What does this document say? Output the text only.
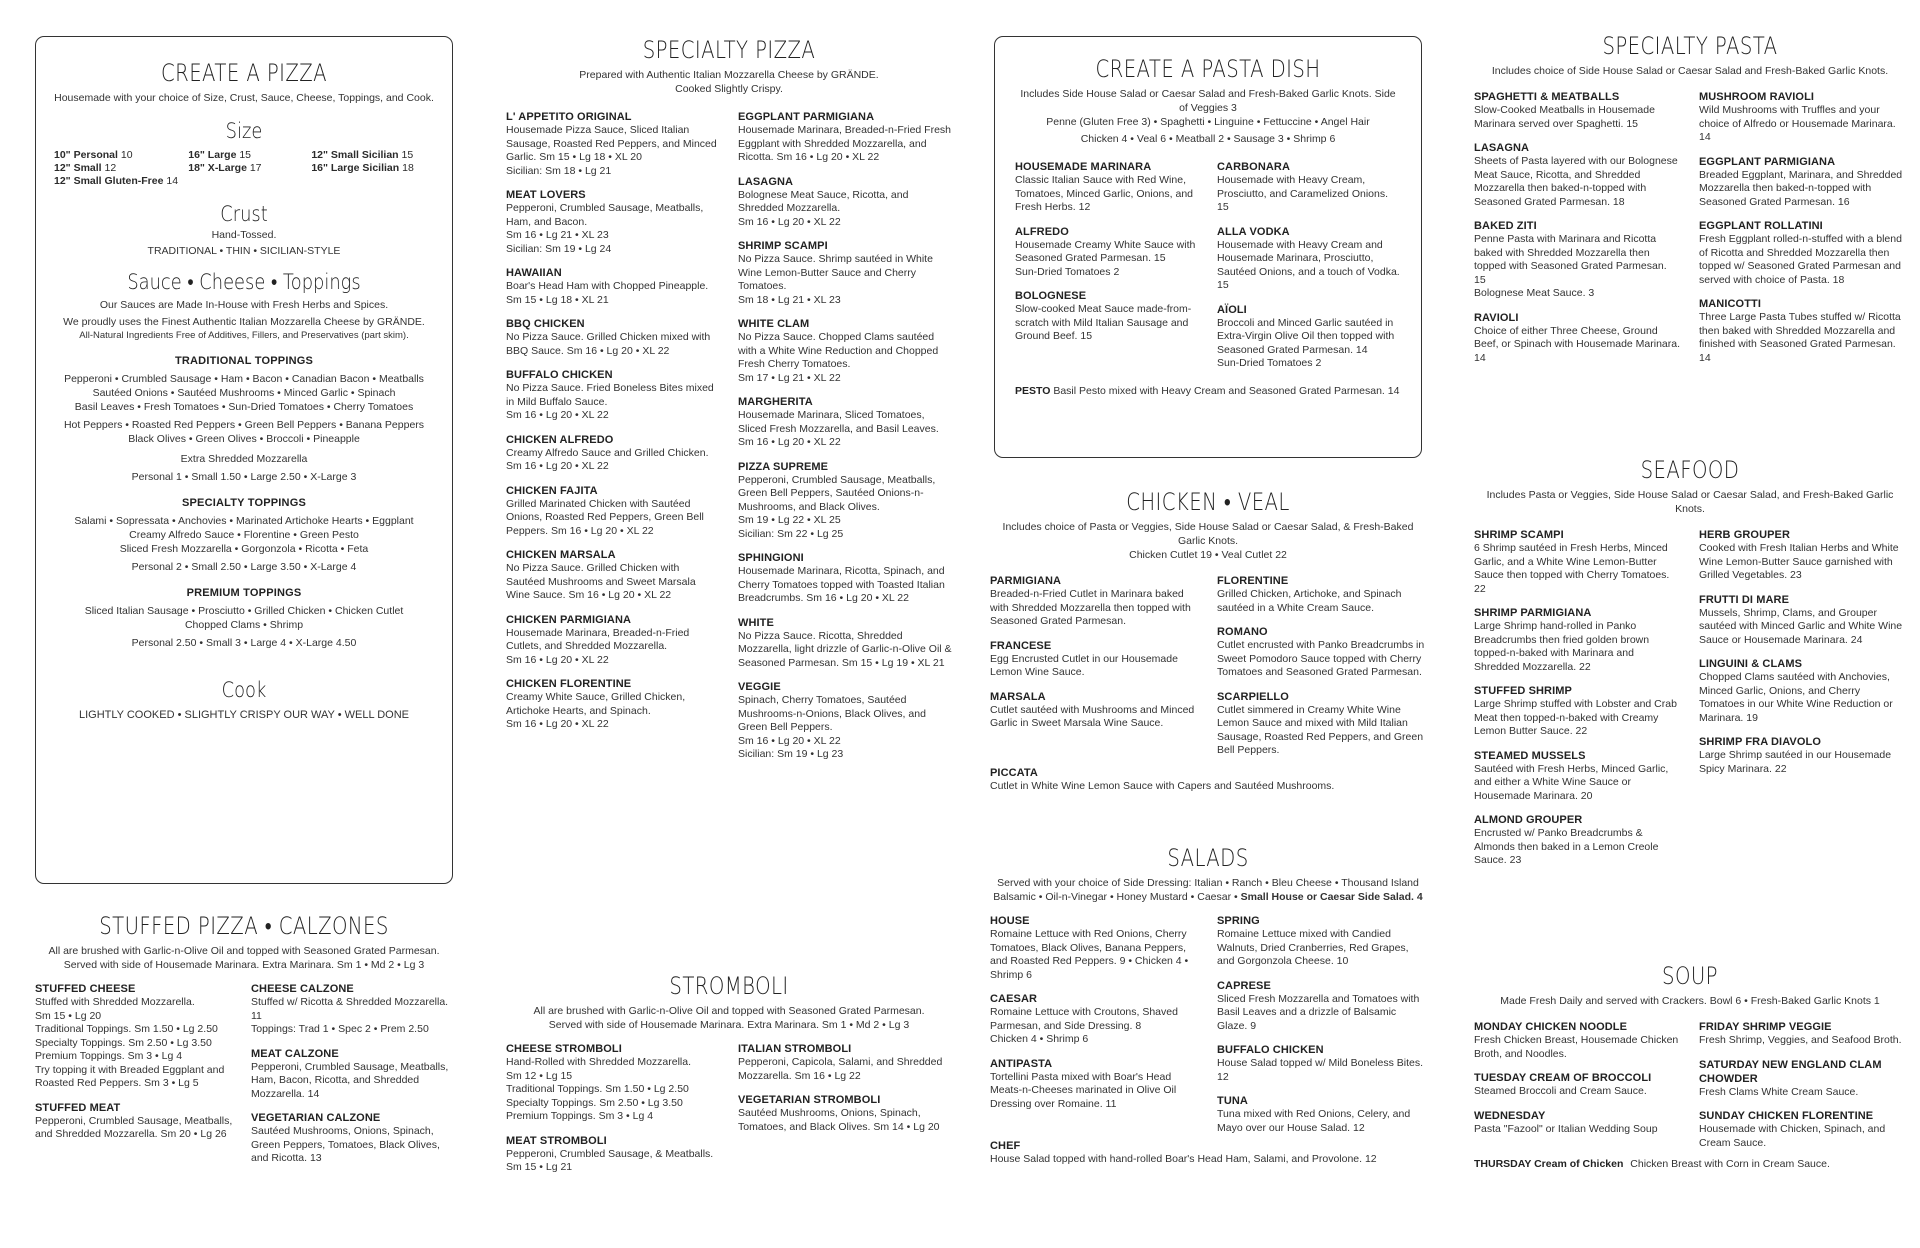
CREATE A PIZZA
Housemade with your choice of Size, Crust, Sauce, Cheese, Toppings, and Cook.
Size
10" Personal 10	16" Large 15	12" Small Sicilian 15
12" Small 12	18" X-Large 17	16" Large Sicilian 18
12" Small Gluten-Free 14
Crust
Hand-Tossed.
TRADITIONAL • THIN • SICILIAN-STYLE
Sauce • Cheese • Toppings
Our Sauces are Made In-House with Fresh Herbs and Spices.
We proudly uses the Finest Authentic Italian Mozzarella Cheese by GRÄNDE.
All-Natural Ingredients Free of Additives, Fillers, and Preservatives (part skim).
TRADITIONAL TOPPINGS
Pepperoni • Crumbled Sausage • Ham • Bacon • Canadian Bacon • Meatballs
Sautéed Onions • Sautéed Mushrooms • Minced Garlic • Spinach
Basil Leaves • Fresh Tomatoes • Sun-Dried Tomatoes • Cherry Tomatoes
Hot Peppers • Roasted Red Peppers • Green Bell Peppers • Banana Peppers
Black Olives • Green Olives • Broccoli • Pineapple
Extra Shredded Mozzarella
Personal 1 • Small 1.50 • Large 2.50 • X-Large 3
SPECIALTY TOPPINGS
Salami • Sopressata • Anchovies • Marinated Artichoke Hearts • Eggplant
Creamy Alfredo Sauce • Florentine • Green Pesto
Sliced Fresh Mozzarella • Gorgonzola • Ricotta • Feta
Personal 2 • Small 2.50 • Large 3.50 • X-Large 4
PREMIUM TOPPINGS
Sliced Italian Sausage • Prosciutto • Grilled Chicken • Chicken Cutlet
Chopped Clams • Shrimp
Personal 2.50 • Small 3 • Large 4 • X-Large 4.50
Cook
LIGHTLY COOKED • SLIGHTLY CRISPY OUR WAY • WELL DONE
STUFFED PIZZA • CALZONES
All are brushed with Garlic-n-Olive Oil and topped with Seasoned Grated Parmesan.
Served with side of Housemade Marinara. Extra Marinara. Sm 1 • Md 2 • Lg 3
STUFFED CHEESE
Stuffed with Shredded Mozzarella.
Sm 15 • Lg 20
Traditional Toppings. Sm 1.50 • Lg 2.50
Specialty Toppings. Sm 2.50 • Lg 3.50
Premium Toppings. Sm 3 • Lg 4
Try topping it with Breaded Eggplant and Roasted Red Peppers. Sm 3 • Lg 5
STUFFED MEAT
Pepperoni, Crumbled Sausage, Meatballs, and Shredded Mozzarella. Sm 20 • Lg 26
CHEESE CALZONE
Stuffed w/ Ricotta & Shredded Mozzarella. 11
Toppings: Trad 1 • Spec 2 • Prem 2.50
MEAT CALZONE
Pepperoni, Crumbled Sausage, Meatballs, Ham, Bacon, Ricotta, and Shredded Mozzarella. 14
VEGETARIAN CALZONE
Sautéed Mushrooms, Onions, Spinach, Green Peppers, Tomatoes, Black Olives, and Ricotta. 13
SPECIALTY PIZZA
Prepared with Authentic Italian Mozzarella Cheese by GRÄNDE.
Cooked Slightly Crispy.
L' APPETITO ORIGINAL
Housemade Pizza Sauce, Sliced Italian Sausage, Roasted Red Peppers, and Minced Garlic. Sm 15 • Lg 18 • XL 20
Sicilian: Sm 18 • Lg 21
MEAT LOVERS
Pepperoni, Crumbled Sausage, Meatballs, Ham, and Bacon.
Sm 16 • Lg 21 • XL 23
Sicilian: Sm 19 • Lg 24
HAWAIIAN
Boar's Head Ham with Chopped Pineapple.
Sm 15 • Lg 18 • XL 21
BBQ CHICKEN
No Pizza Sauce. Grilled Chicken mixed with BBQ Sauce. Sm 16 • Lg 20 • XL 22
BUFFALO CHICKEN
No Pizza Sauce. Fried Boneless Bites mixed in Mild Buffalo Sauce.
Sm 16 • Lg 20 • XL 22
CHICKEN ALFREDO
Creamy Alfredo Sauce and Grilled Chicken.
Sm 16 • Lg 20 • XL 22
CHICKEN FAJITA
Grilled Marinated Chicken with Sautéed Onions, Roasted Red Peppers, Green Bell Peppers. Sm 16 • Lg 20 • XL 22
CHICKEN MARSALA
No Pizza Sauce. Grilled Chicken with Sautéed Mushrooms and Sweet Marsala Wine Sauce. Sm 16 • Lg 20 • XL 22
CHICKEN PARMIGIANA
Housemade Marinara, Breaded-n-Fried Cutlets, and Shredded Mozzarella.
Sm 16 • Lg 20 • XL 22
CHICKEN FLORENTINE
Creamy White Sauce, Grilled Chicken, Artichoke Hearts, and Spinach.
Sm 16 • Lg 20 • XL 22
EGGPLANT PARMIGIANA
Housemade Marinara, Breaded-n-Fried Fresh Eggplant with Shredded Mozzarella, and Ricotta. Sm 16 • Lg 20 • XL 22
LASAGNA
Bolognese Meat Sauce, Ricotta, and Shredded Mozzarella.
Sm 16 • Lg 20 • XL 22
SHRIMP SCAMPI
No Pizza Sauce. Shrimp sautéed in White Wine Lemon-Butter Sauce and Cherry Tomatoes.
Sm 18 • Lg 21 • XL 23
WHITE CLAM
No Pizza Sauce. Chopped Clams sautéed with a White Wine Reduction and Chopped Fresh Cherry Tomatoes.
Sm 17 • Lg 21 • XL 22
MARGHERITA
Housemade Marinara, Sliced Tomatoes, Sliced Fresh Mozzarella, and Basil Leaves.
Sm 16 • Lg 20 • XL 22
PIZZA SUPREME
Pepperoni, Crumbled Sausage, Meatballs, Green Bell Peppers, Sautéed Onions-n-Mushrooms, and Black Olives.
Sm 19 • Lg 22 • XL 25
Sicilian: Sm 22 • Lg 25
SPHINGIONI
Housemade Marinara, Ricotta, Spinach, and Cherry Tomatoes topped with Toasted Italian Breadcrumbs. Sm 16 • Lg 20 • XL 22
WHITE
No Pizza Sauce. Ricotta, Shredded Mozzarella, light drizzle of Garlic-n-Olive Oil & Seasoned Parmesan. Sm 15 • Lg 19 • XL 21
VEGGIE
Spinach, Cherry Tomatoes, Sautéed Mushrooms-n-Onions, Black Olives, and Green Bell Peppers.
Sm 16 • Lg 20 • XL 22
Sicilian: Sm 19 • Lg 23
STROMBOLI
All are brushed with Garlic-n-Olive Oil and topped with Seasoned Grated Parmesan.
Served with side of Housemade Marinara. Extra Marinara. Sm 1 • Md 2 • Lg 3
CHEESE STROMBOLI
Hand-Rolled with Shredded Mozzarella.
Sm 12 • Lg 15
Traditional Toppings. Sm 1.50 • Lg 2.50
Specialty Toppings. Sm 2.50 • Lg 3.50
Premium Toppings. Sm 3 • Lg 4
MEAT STROMBOLI
Pepperoni, Crumbled Sausage, & Meatballs. Sm 15 • Lg 21
ITALIAN STROMBOLI
Pepperoni, Capicola, Salami, and Shredded Mozzarella. Sm 16 • Lg 22
VEGETARIAN STROMBOLI
Sautéed Mushrooms, Onions, Spinach, Tomatoes, and Black Olives. Sm 14 • Lg 20
CREATE A PASTA DISH
Includes Side House Salad or Caesar Salad and Fresh-Baked Garlic Knots. Side of Veggies 3
Penne (Gluten Free 3) • Spaghetti • Linguine • Fettuccine • Angel Hair
Chicken 4 • Veal 6 • Meatball 2 • Sausage 3 • Shrimp 6
HOUSEMADE MARINARA
Classic Italian Sauce with Red Wine, Tomatoes, Minced Garlic, Onions, and Fresh Herbs. 12
ALFREDO
Housemade Creamy White Sauce with Seasoned Grated Parmesan. 15
Sun-Dried Tomatoes 2
BOLOGNESE
Slow-cooked Meat Sauce made-from-scratch with Mild Italian Sausage and Ground Beef. 15
CARBONARA
Housemade with Heavy Cream, Prosciutto, and Caramelized Onions. 15
ALLA VODKA
Housemade with Heavy Cream and Housemade Marinara, Prosciutto, Sautéed Onions, and a touch of Vodka. 15
AÏOLI
Broccoli and Minced Garlic sautéed in Extra-Virgin Olive Oil then topped with Seasoned Grated Parmesan. 14
Sun-Dried Tomatoes 2
PESTO Basil Pesto mixed with Heavy Cream and Seasoned Grated Parmesan. 14
CHICKEN • VEAL
Includes choice of Pasta or Veggies, Side House Salad or Caesar Salad, & Fresh-Baked Garlic Knots.
Chicken Cutlet 19 • Veal Cutlet 22
PARMIGIANA
Breaded-n-Fried Cutlet in Marinara baked with Shredded Mozzarella then topped with Seasoned Grated Parmesan.
FRANCESE
Egg Encrusted Cutlet in our Housemade Lemon Wine Sauce.
MARSALA
Cutlet sautéed with Mushrooms and Minced Garlic in Sweet Marsala Wine Sauce.
FLORENTINE
Grilled Chicken, Artichoke, and Spinach sautéed in a White Cream Sauce.
ROMANO
Cutlet encrusted with Panko Breadcrumbs in Sweet Pomodoro Sauce topped with Cherry Tomatoes and Seasoned Grated Parmesan.
SCARPIELLO
Cutlet simmered in Creamy White Wine Lemon Sauce and mixed with Mild Italian Sausage, Roasted Red Peppers, and Green Bell Peppers.
PICCATA
Cutlet in White Wine Lemon Sauce with Capers and Sautéed Mushrooms.
SALADS
Served with your choice of Side Dressing: Italian • Ranch • Bleu Cheese • Thousand Island
Balsamic • Oil-n-Vinegar • Honey Mustard • Caesar • Small House or Caesar Side Salad. 4
HOUSE
Romaine Lettuce with Red Onions, Cherry Tomatoes, Black Olives, Banana Peppers, and Roasted Red Peppers. 9 • Chicken 4 • Shrimp 6
CAESAR
Romaine Lettuce with Croutons, Shaved Parmesan, and Side Dressing. 8
Chicken 4 • Shrimp 6
ANTIPASTA
Tortellini Pasta mixed with Boar's Head Meats-n-Cheeses marinated in Olive Oil Dressing over Romaine. 11
SPRING
Romaine Lettuce mixed with Candied Walnuts, Dried Cranberries, Red Grapes, and Gorgonzola Cheese. 10
CAPRESE
Sliced Fresh Mozzarella and Tomatoes with Basil Leaves and a drizzle of Balsamic Glaze. 9
BUFFALO CHICKEN
House Salad topped w/ Mild Boneless Bites. 12
TUNA
Tuna mixed with Red Onions, Celery, and Mayo over our House Salad. 12
CHEF
House Salad topped with hand-rolled Boar's Head Ham, Salami, and Provolone. 12
SPECIALTY PASTA
Includes choice of Side House Salad or Caesar Salad and Fresh-Baked Garlic Knots.
SPAGHETTI & MEATBALLS
Slow-Cooked Meatballs in Housemade Marinara served over Spaghetti. 15
LASAGNA
Sheets of Pasta layered with our Bolognese Meat Sauce, Ricotta, and Shredded Mozzarella then baked-n-topped with Seasoned Grated Parmesan. 18
BAKED ZITI
Penne Pasta with Marinara and Ricotta baked with Shredded Mozzarella then topped with Seasoned Grated Parmesan. 15
Bolognese Meat Sauce. 3
RAVIOLI
Choice of either Three Cheese, Ground Beef, or Spinach with Housemade Marinara. 14
MUSHROOM RAVIOLI
Wild Mushrooms with Truffles and your choice of Alfredo or Housemade Marinara. 14
EGGPLANT PARMIGIANA
Breaded Eggplant, Marinara, and Shredded Mozzarella then baked-n-topped with Seasoned Grated Parmesan. 16
EGGPLANT ROLLATINI
Fresh Eggplant rolled-n-stuffed with a blend of Ricotta and Shredded Mozzarella then topped w/ Seasoned Grated Parmesan and served with choice of Pasta. 18
MANICOTTI
Three Large Pasta Tubes stuffed w/ Ricotta then baked with Shredded Mozzarella and finished with Seasoned Grated Parmesan. 14
SEAFOOD
Includes Pasta or Veggies, Side House Salad or Caesar Salad, and Fresh-Baked Garlic Knots.
SHRIMP SCAMPI
6 Shrimp sautéed in Fresh Herbs, Minced Garlic, and a White Wine Lemon-Butter Sauce then topped with Cherry Tomatoes. 22
SHRIMP PARMIGIANA
Large Shrimp hand-rolled in Panko Breadcrumbs then fried golden brown topped-n-baked with Marinara and Shredded Mozzarella. 22
STUFFED SHRIMP
Large Shrimp stuffed with Lobster and Crab Meat then topped-n-baked with Creamy Lemon Butter Sauce. 22
STEAMED MUSSELS
Sautéed with Fresh Herbs, Minced Garlic, and either a White Wine Sauce or Housemade Marinara. 20
ALMOND GROUPER
Encrusted w/ Panko Breadcrumbs & Almonds then baked in a Lemon Creole Sauce. 23
HERB GROUPER
Cooked with Fresh Italian Herbs and White Wine Lemon-Butter Sauce garnished with Grilled Vegetables. 23
FRUTTI DI MARE
Mussels, Shrimp, Clams, and Grouper sautéed with Minced Garlic and White Wine Sauce or Housemade Marinara. 24
LINGUINI & CLAMS
Chopped Clams sautéed with Anchovies, Minced Garlic, Onions, and Cherry Tomatoes in our White Wine Reduction or Marinara. 19
SHRIMP FRA DIAVOLO
Large Shrimp sautéed in our Housemade Spicy Marinara. 22
SOUP
Made Fresh Daily and served with Crackers. Bowl 6 • Fresh-Baked Garlic Knots 1
MONDAY CHICKEN NOODLE
Fresh Chicken Breast, Housemade Chicken Broth, and Noodles.
TUESDAY CREAM OF BROCCOLI
Steamed Broccoli and Cream Sauce.
WEDNESDAY
Pasta "Fazool" or Italian Wedding Soup
FRIDAY SHRIMP VEGGIE
Fresh Shrimp, Veggies, and Seafood Broth.
SATURDAY NEW ENGLAND CLAM CHOWDER
Fresh Clams White Cream Sauce.
SUNDAY CHICKEN FLORENTINE
Housemade with Chicken, Spinach, and Cream Sauce.
THURSDAY Cream of Chicken Chicken Breast with Corn in Cream Sauce.
